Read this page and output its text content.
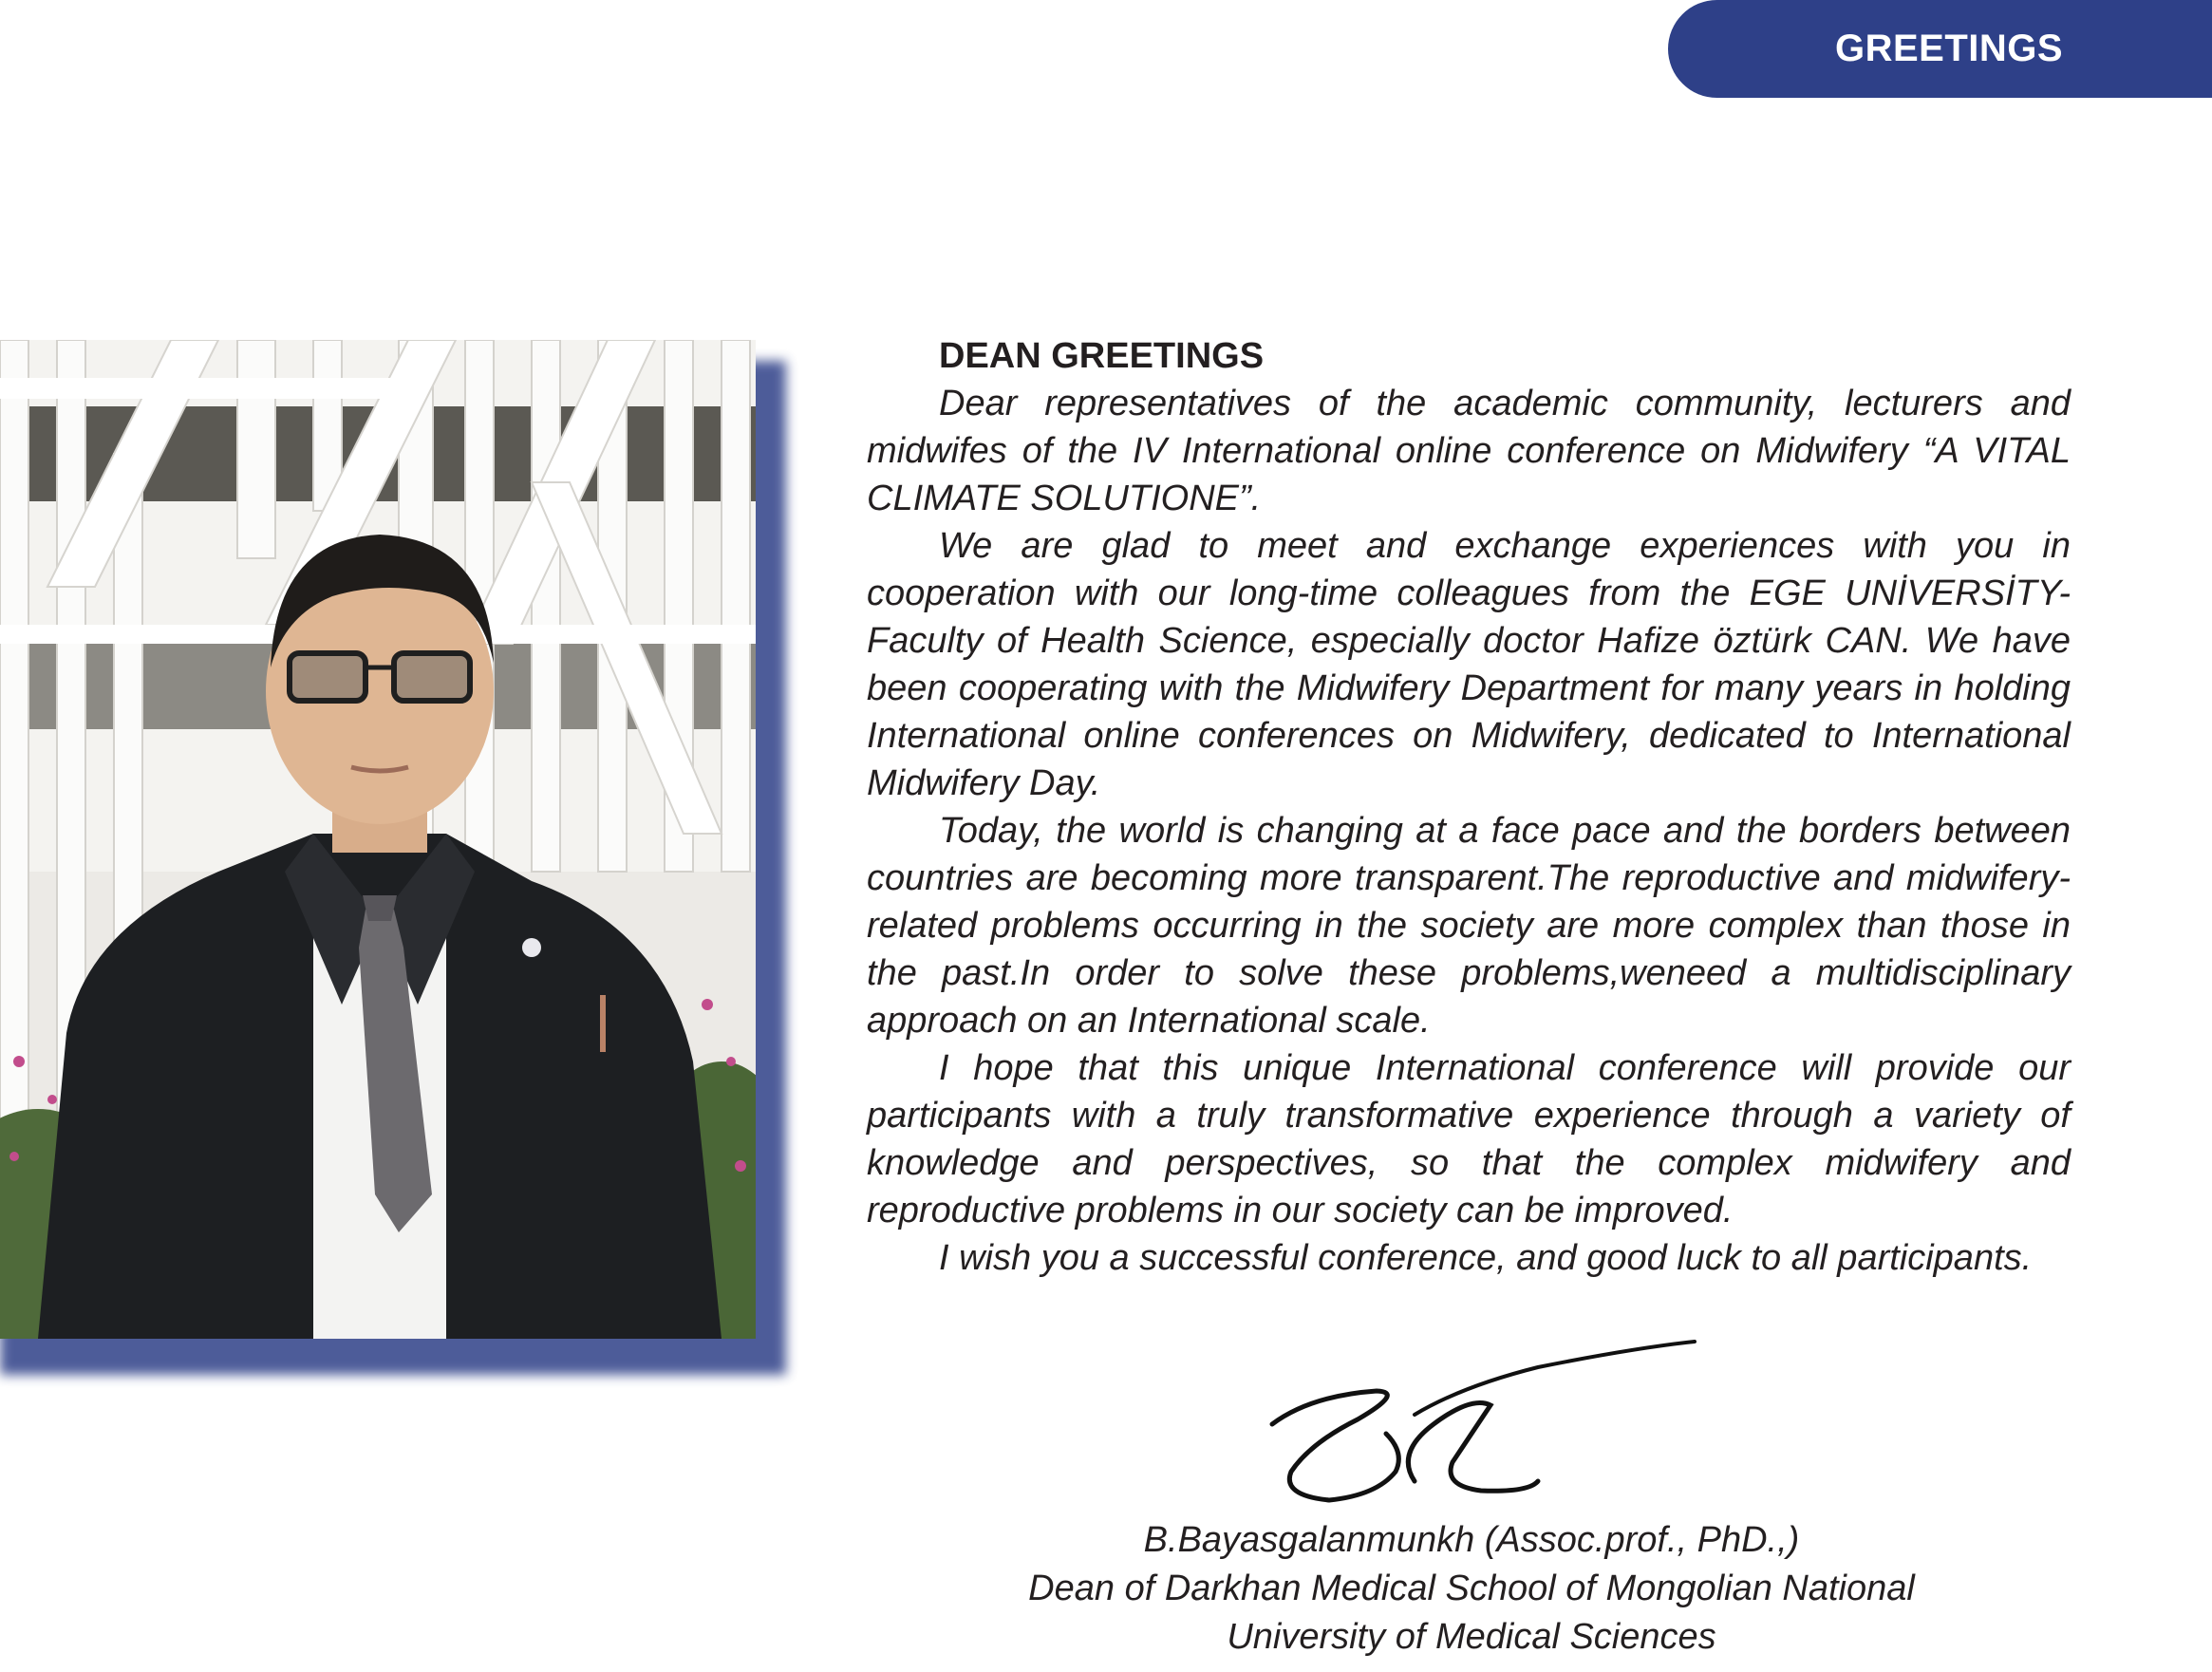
GREETINGS
DEAN GREETINGS

Dear representatives of the academic community, lecturers and midwifes of the IV International online conference on Midwifery “A VITAL CLIMATE SOLUTIONE”.

We are glad to meet and exchange experiences with you in cooperation with our long-time colleagues from the EGE UNİVERSİTY- Faculty of Health Science, especially doctor Hafize öztürk CAN. We have been cooperating with the Midwifery Department for many years in holding International online conferences on Midwifery, dedicated to International Midwifery Day.

Today, the world is changing at a face pace and the borders between countries are becoming more transparent.The reproductive and midwifery-related problems occurring in the society are more complex than those in the past.In order to solve these problems,weneed a multidisciplinary approach on an International scale.

I hope that this unique International conference will provide our participants with a truly transformative experience through a variety of knowledge and perspectives, so that the complex midwifery and reproductive problems in our society can be improved.

I wish you a successful conference, and good luck to all participants.

B.Bayasgalanmunkh (Assoc.prof., PhD.,)
Dean of Darkhan Medical School of Mongolian National
University of Medical Sciences
